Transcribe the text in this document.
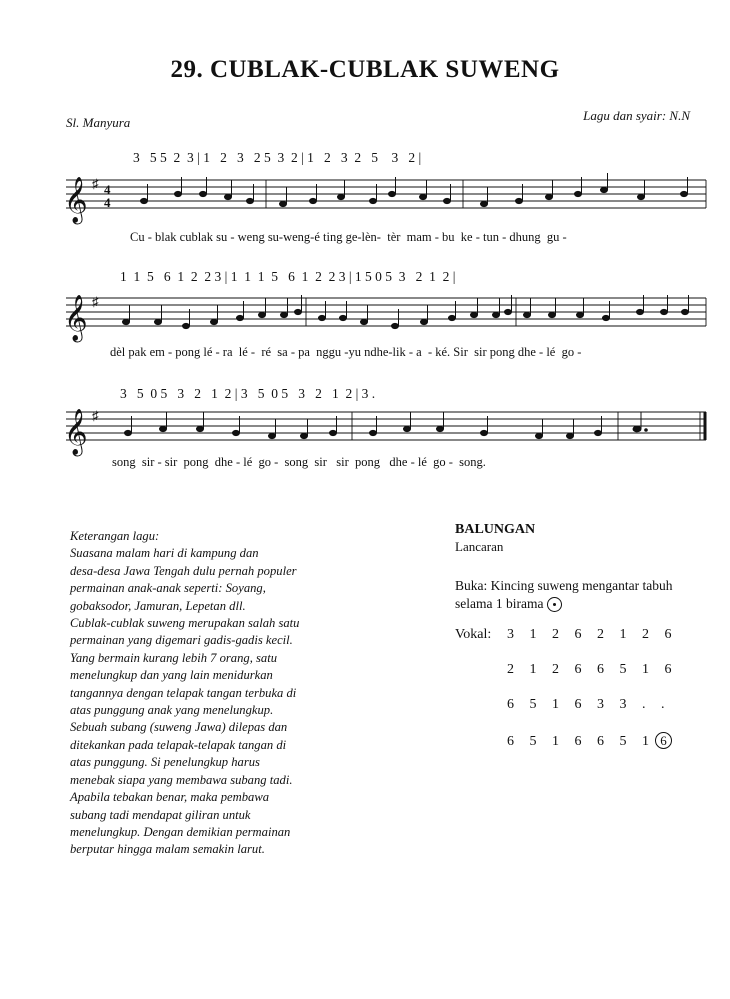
29. CUBLAK-CUBLAK SUWENG
Sl. Manyura	Lagu dan syair: N.N
3   5 5  2  3 | 1   2   3   2 5  3  2 | 1   2   3  2   5    3   2 |
𝄞 ♯ 4
4
Cu - blak cublak su - weng su-weng-é ting ge-lèn-  tèr  mam - bu  ke - tun - dhung  gu -
1  1  5   6  1  2  2 3 | 1  1  1  5   6  1  2  2 3 | 1 5 0 5  3   2  1  2 |
𝄞 ♯
dèl pak em - pong lé - ra  lé -  ré  sa - pa  nggu -yu ndhe-lik - a  - ké. Sir  sir pong dhe - lé  go -
3   5  0 5   3   2   1  2 | 3   5  0 5   3   2   1  2 | 3 .
𝄞 ♯
song  sir - sir  pong  dhe - lé  go -  song  sir   sir  pong   dhe - lé  go -  song.
Keterangan lagu:
Suasana malam hari di kampung dan
desa-desa Jawa Tengah dulu pernah populer
permainan anak-anak seperti: Soyang,
gobaksodor, Jamuran, Lepetan dll.
Cublak-cublak suweng merupakan salah satu
permainan yang digemari gadis-gadis kecil.
Yang bermain kurang lebih 7 orang, satu
menelungkup dan yang lain menidurkan
tangannya dengan telapak tangan terbuka di
atas punggung anak yang menelungkup.
Sebuah subang (suweng Jawa) dilepas dan
ditekankan pada telapak-telapak tangan di
atas punggung. Si penelungkup harus
menebak siapa yang membawa subang tadi.
Apabila tebakan benar, maka pembawa
subang tadi mendapat giliran untuk
menelungkup. Dengan demikian permainan
berputar hingga malam semakin larut.
BALUNGAN
Lancaran
Buka: Kincing suweng mengantar tabuh
selama 1 birama
Vokal: 3 1 2 6 2 1 2 6
2 1 2 6 6 5 1 6
6 5 1 6 3 3 . .
6 5 1 6 6 5 1 6
